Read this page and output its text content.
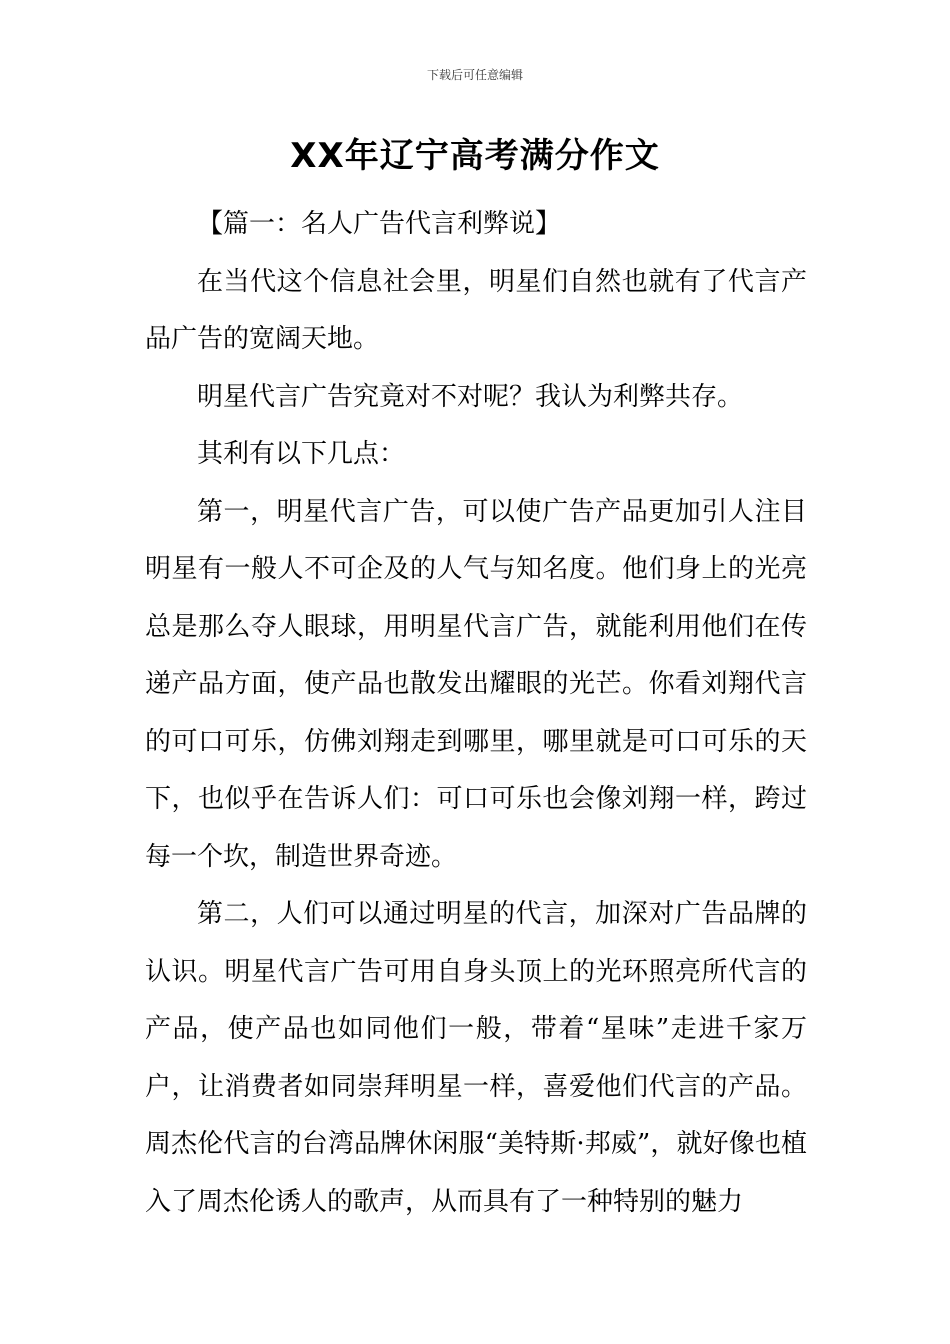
下载后可任意编辑
XX年辽宁高考满分作文

【篇一：名人广告代言利弊说】

在当代这个信息社会里，明星们自然也就有了代言产品广告的宽阔天地。

明星代言广告究竟对不对呢？我认为利弊共存。

其利有以下几点：

第一，明星代言广告，可以使广告产品更加引人注目明星有一般人不可企及的人气与知名度。他们身上的光亮总是那么夺人眼球，用明星代言广告，就能利用他们在传递产品方面，使产品也散发出耀眼的光芒。你看刘翔代言的可口可乐，仿佛刘翔走到哪里，哪里就是可口可乐的天下，也似乎在告诉人们：可口可乐也会像刘翔一样，跨过每一个坎，制造世界奇迹。

第二，人们可以通过明星的代言，加深对广告品牌的认识。明星代言广告可用自身头顶上的光环照亮所代言的产品，使产品也如同他们一般，带着“星味”走进千家万户，让消费者如同崇拜明星一样，喜爱他们代言的产品。周杰伦代言的台湾品牌休闲服“美特斯·邦威”，就好像也植入了周杰伦诱人的歌声，从而具有了一种特别的魅力
